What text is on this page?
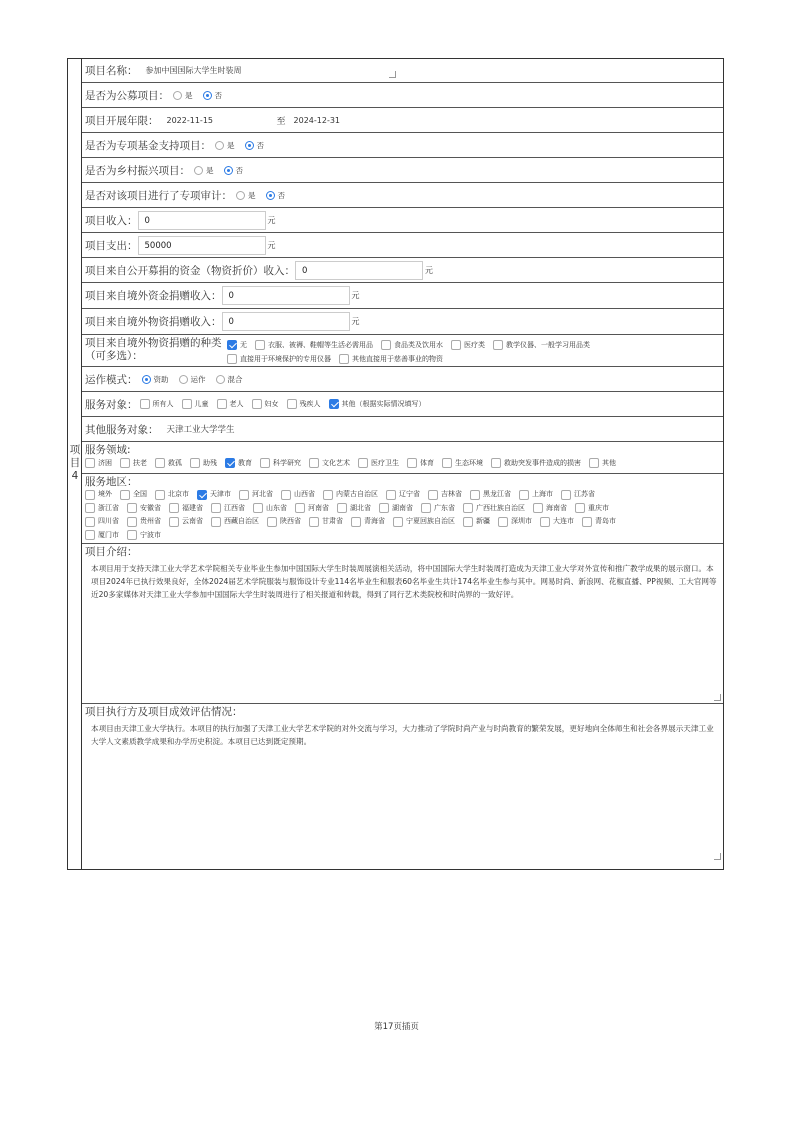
项目4
项目名称： 参加中国国际大学生时装周
是否为公募项目： 是	否
项目开展年限： 2022-11-15	至 2024-12-31
是否为专项基金支持项目： 是	否
是否为乡村振兴项目： 是	否
是否对该项目进行了专项审计： 是	否
项目收入： 0	元
项目支出： 50000	元
项目来自公开募捐的资金（物资折价）收入： 0	元
项目来自境外资金捐赠收入： 0	元
项目来自境外物资捐赠收入： 0	元
项目来自境外物资捐赠的种类（可多选）：
无	衣服、被褥、鞋帽等生活必需用品	食品类及饮用水	医疗类	教学仪器、一般学习用品类
直接用于环境保护的专用仪器	其他直接用于慈善事业的物资
运作模式： 资助	运作	混合
服务对象：	所有人	儿童	老人	妇女	残疾人	其他（根据实际情况填写）
其他服务对象： 天津工业大学学生
服务领域:
济困	扶老	救孤	助残	教育	科学研究	文化艺术	医疗卫生	体育	生态环境	救助突发事件造成的损害	其他
服务地区：
境外	全国	北京市	天津市	河北省	山西省	内蒙古自治区	辽宁省	吉林省	黑龙江省	上海市	江苏省
浙江省	安徽省	福建省	江西省	山东省	河南省	湖北省	湖南省	广东省	广西壮族自治区	海南省	重庆市
四川省	贵州省	云南省	西藏自治区	陕西省	甘肃省	青海省	宁夏回族自治区	新疆	深圳市	大连市	青岛市
厦门市	宁波市
项目介绍：
本项目用于支持天津工业大学艺术学院相关专业毕业生参加中国国际大学生时装周展演相关活动，将中国国际大学生时装周打造成为天津工业大学对外宣传和推广教学成果的展示窗口。本项目2024年已执行效果良好，全体2024届艺术学院服装与服饰设计专业114名毕业生和服表60名毕业生共计174名毕业生参与其中。网易时尚、新浪网、花椒直播、PP视频、工大官网等近20多家媒体对天津工业大学参加中国国际大学生时装周进行了相关报道和转载，得到了同行艺术类院校和时尚界的一致好评。
项目执行方及项目成效评估情况：
本项目由天津工业大学执行。本项目的执行加强了天津工业大学艺术学院的对外交流与学习，大力推动了学院时尚产业与时尚教育的繁荣发展，更好地向全体师生和社会各界展示天津工业大学人文素质教学成果和办学历史积淀。本项目已达到既定预期。
第17页插页
